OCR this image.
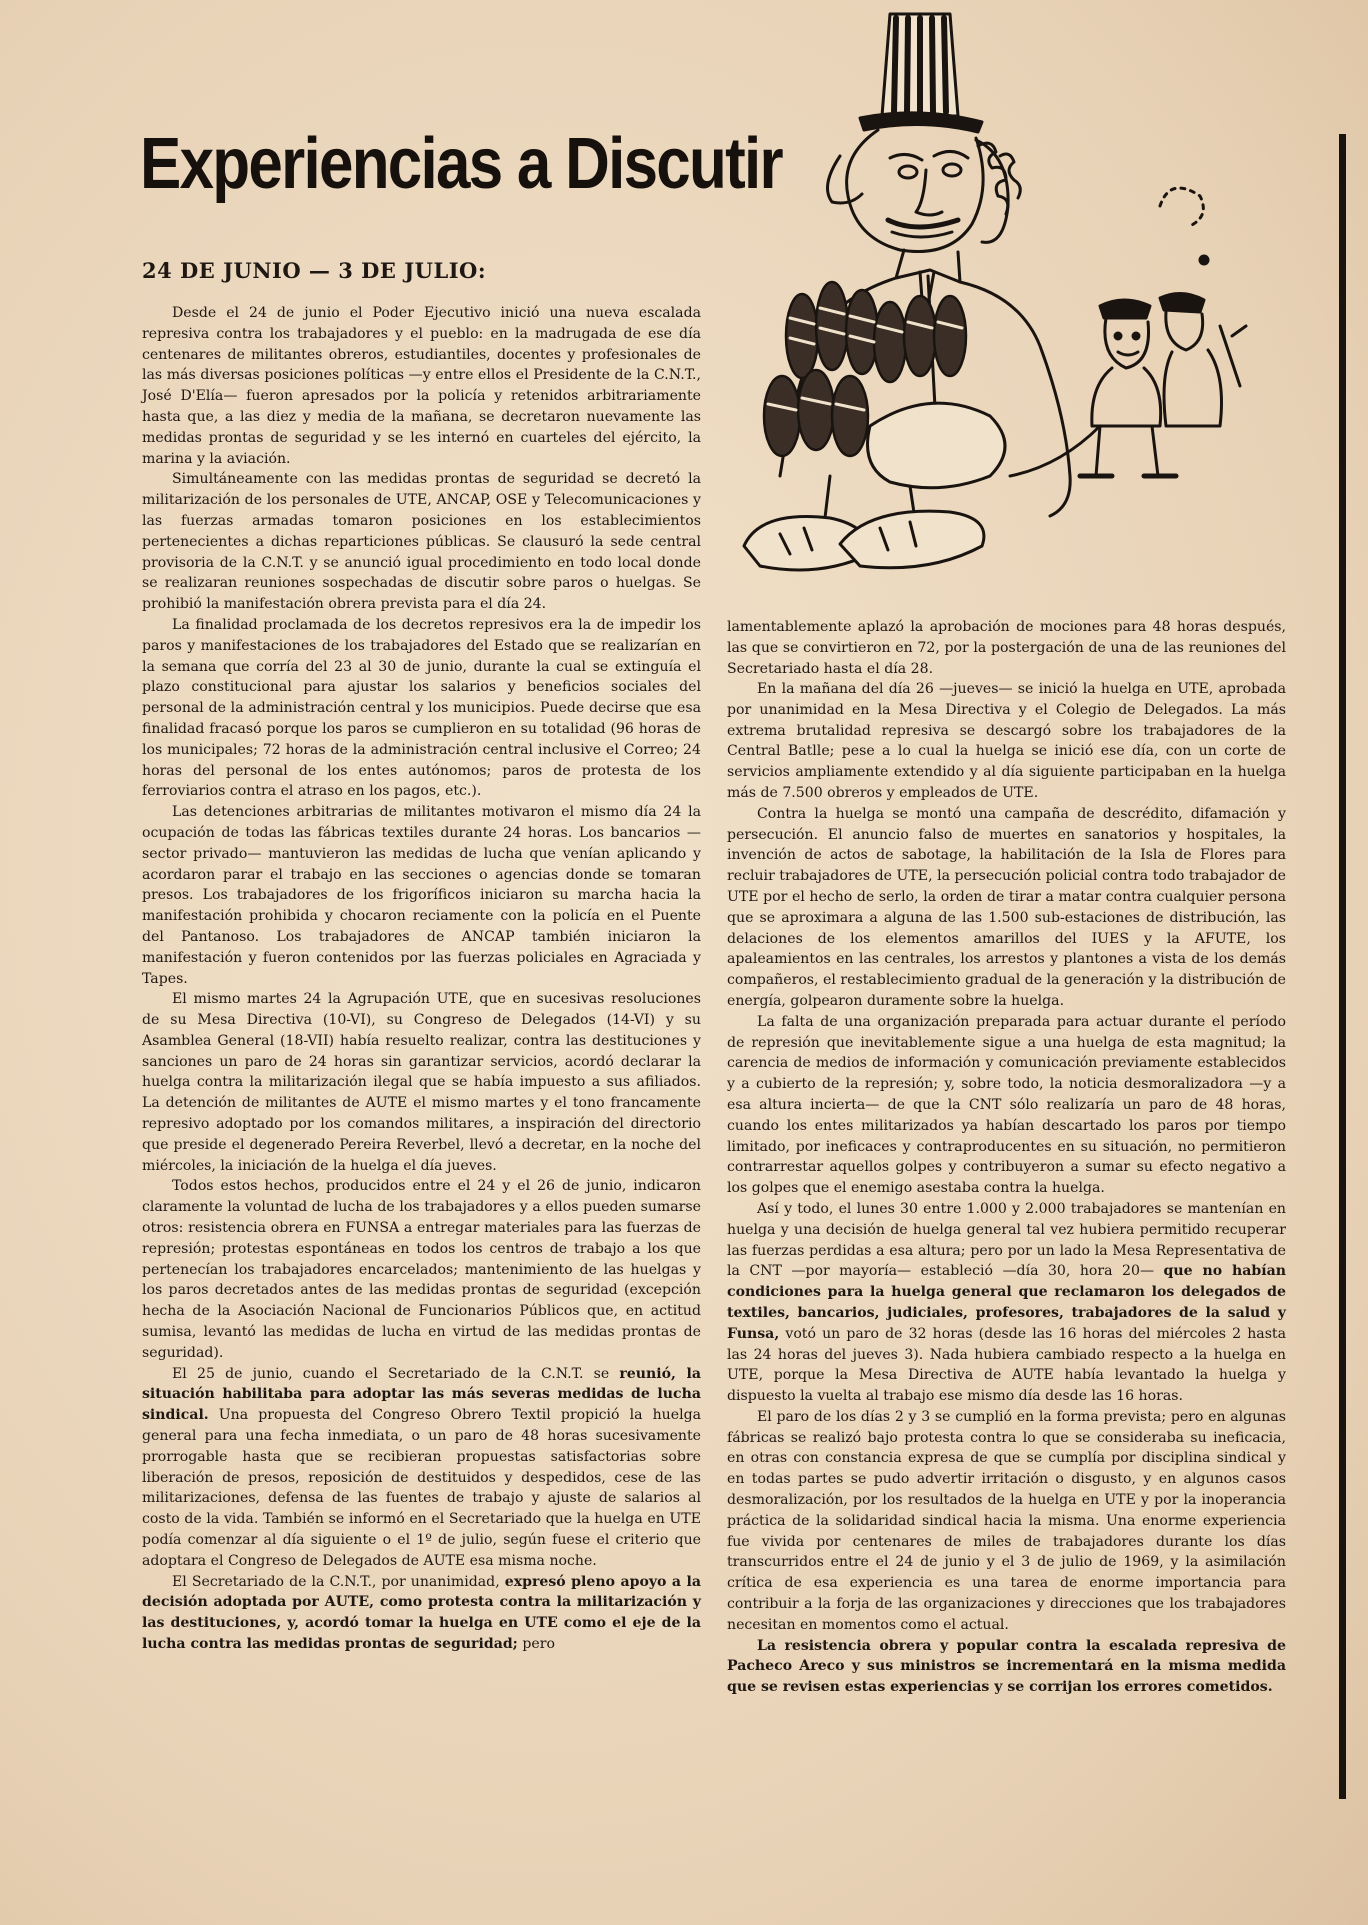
Experiencias a Discutir
24 DE JUNIO — 3 DE JULIO:

Desde el 24 de junio el Poder Ejecutivo inició una nueva escalada represiva contra los trabajadores y el pueblo: en la madrugada de ese día centenares de militantes obreros, estudiantiles, docentes y profesionales de las más diversas posiciones políticas —y entre ellos el Presidente de la C.N.T., José D'Elía— fueron apresados por la policía y retenidos arbitrariamente hasta que, a las diez y media de la mañana, se decretaron nuevamente las medidas prontas de seguridad y se les internó en cuarteles del ejército, la marina y la aviación.

Simultáneamente con las medidas prontas de seguridad se decretó la militarización de los personales de UTE, ANCAP, OSE y Telecomunicaciones y las fuerzas armadas tomaron posiciones en los establecimientos pertenecientes a dichas reparticiones públicas. Se clausuró la sede central provisoria de la C.N.T. y se anunció igual procedimiento en todo local donde se realizaran reuniones sospechadas de discutir sobre paros o huelgas. Se prohibió la manifestación obrera prevista para el día 24.

La finalidad proclamada de los decretos represivos era la de impedir los paros y manifestaciones de los trabajadores del Estado que se realizarían en la semana que corría del 23 al 30 de junio, durante la cual se extinguía el plazo constitucional para ajustar los salarios y beneficios sociales del personal de la administración central y los municipios. Puede decirse que esa finalidad fracasó porque los paros se cumplieron en su totalidad (96 horas de los municipales; 72 horas de la administración central inclusive el Correo; 24 horas del personal de los entes autónomos; paros de protesta de los ferroviarios contra el atraso en los pagos, etc.).

Las detenciones arbitrarias de militantes motivaron el mismo día 24 la ocupación de todas las fábricas textiles durante 24 horas. Los bancarios —sector privado— mantuvieron las medidas de lucha que venían aplicando y acordaron parar el trabajo en las secciones o agencias donde se tomaran presos. Los trabajadores de los frigoríficos iniciaron su marcha hacia la manifestación prohibida y chocaron reciamente con la policía en el Puente del Pantanoso. Los trabajadores de ANCAP también iniciaron la manifestación y fueron contenidos por las fuerzas policiales en Agraciada y Tapes.

El mismo martes 24 la Agrupación UTE, que en sucesivas resoluciones de su Mesa Directiva (10-VI), su Congreso de Delegados (14-VI) y su Asamblea General (18-VII) había resuelto realizar, contra las destituciones y sanciones un paro de 24 horas sin garantizar servicios, acordó declarar la huelga contra la militarización ilegal que se había impuesto a sus afiliados. La detención de militantes de AUTE el mismo martes y el tono francamente represivo adoptado por los comandos militares, a inspiración del directorio que preside el degenerado Pereira Reverbel, llevó a decretar, en la noche del miércoles, la iniciación de la huelga el día jueves.

Todos estos hechos, producidos entre el 24 y el 26 de junio, indicaron claramente la voluntad de lucha de los trabajadores y a ellos pueden sumarse otros: resistencia obrera en FUNSA a entregar materiales para las fuerzas de represión; protestas espontáneas en todos los centros de trabajo a los que pertenecían los trabajadores encarcelados; mantenimiento de las huelgas y los paros decretados antes de las medidas prontas de seguridad (excepción hecha de la Asociación Nacional de Funcionarios Públicos que, en actitud sumisa, levantó las medidas de lucha en virtud de las medidas prontas de seguridad).

El 25 de junio, cuando el Secretariado de la C.N.T. se reunió, la situación habilitaba para adoptar las más severas medidas de lucha sindical. Una propuesta del Congreso Obrero Textil propició la huelga general para una fecha inmediata, o un paro de 48 horas sucesivamente prorrogable hasta que se recibieran propuestas satisfactorias sobre liberación de presos, reposición de destituidos y despedidos, cese de las militarizaciones, defensa de las fuentes de trabajo y ajuste de salarios al costo de la vida. También se informó en el Secretariado que la huelga en UTE podía comenzar al día siguiente o el 1º de julio, según fuese el criterio que adoptara el Congreso de Delegados de AUTE esa misma noche.

El Secretariado de la C.N.T., por unanimidad, expresó pleno apoyo a la decisión adoptada por AUTE, como protesta contra la militarización y las destituciones, y, acordó tomar la huelga en UTE como el eje de la lucha contra las medidas prontas de seguridad; pero

lamentablemente aplazó la aprobación de mociones para 48 horas después, las que se convirtieron en 72, por la postergación de una de las reuniones del Secretariado hasta el día 28.

En la mañana del día 26 —jueves— se inició la huelga en UTE, aprobada por unanimidad en la Mesa Directiva y el Colegio de Delegados. La más extrema brutalidad represiva se descargó sobre los trabajadores de la Central Batlle; pese a lo cual la huelga se inició ese día, con un corte de servicios ampliamente extendido y al día siguiente participaban en la huelga más de 7.500 obreros y empleados de UTE.

Contra la huelga se montó una campaña de descrédito, difamación y persecución. El anuncio falso de muertes en sanatorios y hospitales, la invención de actos de sabotage, la habilitación de la Isla de Flores para recluir trabajadores de UTE, la persecución policial contra todo trabajador de UTE por el hecho de serlo, la orden de tirar a matar contra cualquier persona que se aproximara a alguna de las 1.500 sub-estaciones de distribución, las delaciones de los elementos amarillos del IUES y la AFUTE, los apaleamientos en las centrales, los arrestos y plantones a vista de los demás compañeros, el restablecimiento gradual de la generación y la distribución de energía, golpearon duramente sobre la huelga.

La falta de una organización preparada para actuar durante el período de represión que inevitablemente sigue a una huelga de esta magnitud; la carencia de medios de información y comunicación previamente establecidos y a cubierto de la represión; y, sobre todo, la noticia desmoralizadora —y a esa altura incierta— de que la CNT sólo realizaría un paro de 48 horas, cuando los entes militarizados ya habían descartado los paros por tiempo limitado, por ineficaces y contraproducentes en su situación, no permitieron contrarrestar aquellos golpes y contribuyeron a sumar su efecto negativo a los golpes que el enemigo asestaba contra la huelga.

Así y todo, el lunes 30 entre 1.000 y 2.000 trabajadores se mantenían en huelga y una decisión de huelga general tal vez hubiera permitido recuperar las fuerzas perdidas a esa altura; pero por un lado la Mesa Representativa de la CNT —por mayoría— estableció —día 30, hora 20— que no habían condiciones para la huelga general que reclamaron los delegados de textiles, bancarios, judiciales, profesores, trabajadores de la salud y Funsa, votó un paro de 32 horas (desde las 16 horas del miércoles 2 hasta las 24 horas del jueves 3). Nada hubiera cambiado respecto a la huelga en UTE, porque la Mesa Directiva de AUTE había levantado la huelga y dispuesto la vuelta al trabajo ese mismo día desde las 16 horas.

El paro de los días 2 y 3 se cumplió en la forma prevista; pero en algunas fábricas se realizó bajo protesta contra lo que se consideraba su ineficacia, en otras con constancia expresa de que se cumplía por disciplina sindical y en todas partes se pudo advertir irritación o disgusto, y en algunos casos desmoralización, por los resultados de la huelga en UTE y por la inoperancia práctica de la solidaridad sindical hacia la misma. Una enorme experiencia fue vivida por centenares de miles de trabajadores durante los días transcurridos entre el 24 de junio y el 3 de julio de 1969, y la asimilación crítica de esa experiencia es una tarea de enorme importancia para contribuir a la forja de las organizaciones y direcciones que los trabajadores necesitan en momentos como el actual.

La resistencia obrera y popular contra la escalada represiva de Pacheco Areco y sus ministros se incrementará en la misma medida que se revisen estas experiencias y se corrijan los errores cometidos.
